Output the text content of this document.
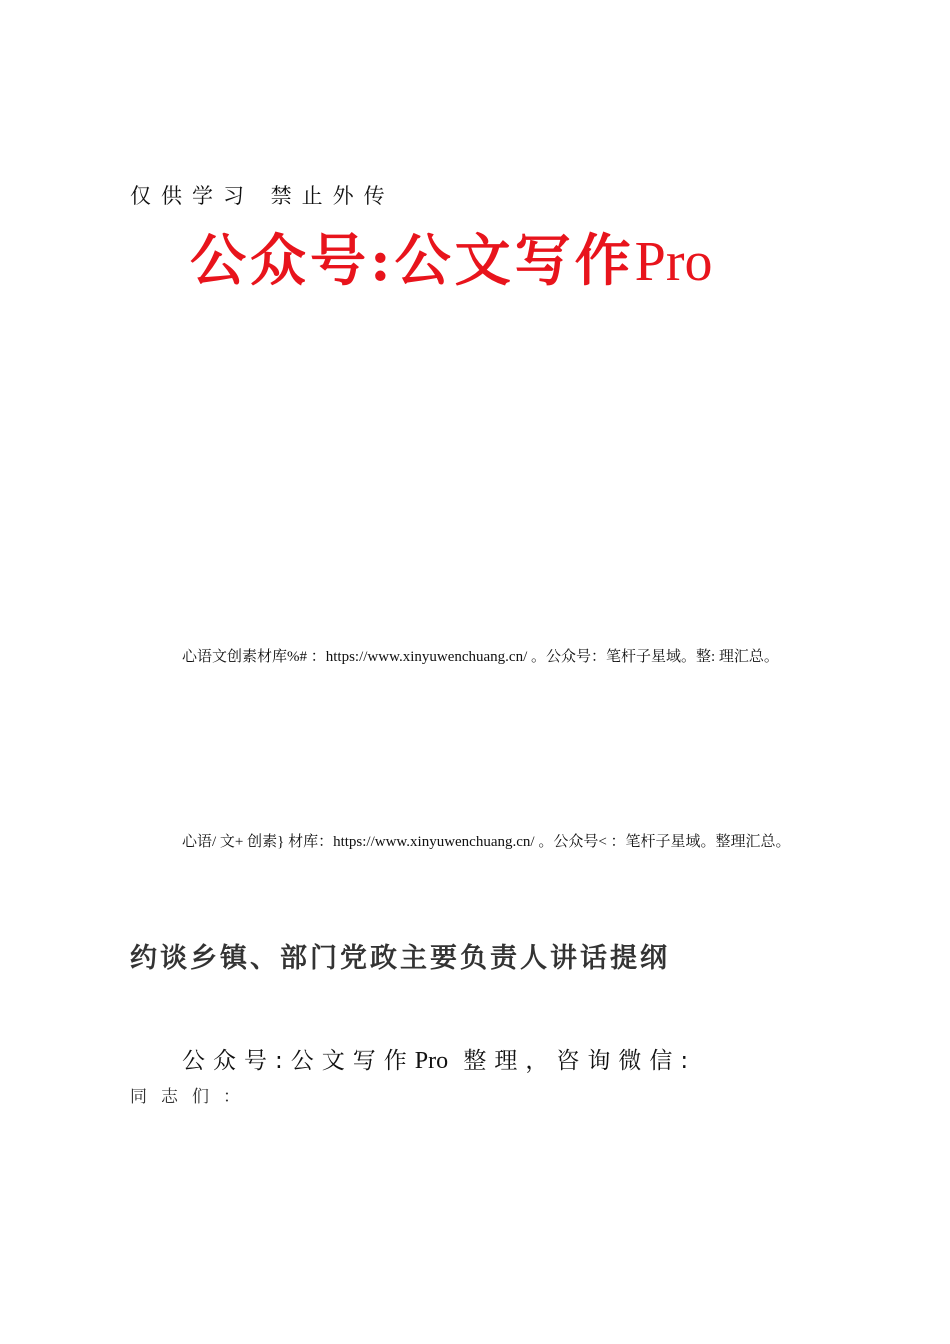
仅供学习 禁止外传
公众号:公文写作Pro

心语文创素材库%# ：https://www.xinyuwenchuang.cn/ 。公众号：笔杆子星域。整: 理汇总。

心语/ 文+ 创素} 材库：https://www.xinyuwenchuang.cn/ 。公众号< ：笔杆子星域。整理汇总。

约谈乡镇、部门党政主要负责人讲话提纲
公众号:公文写作Pro 整理，咨询微信:
同志们：
